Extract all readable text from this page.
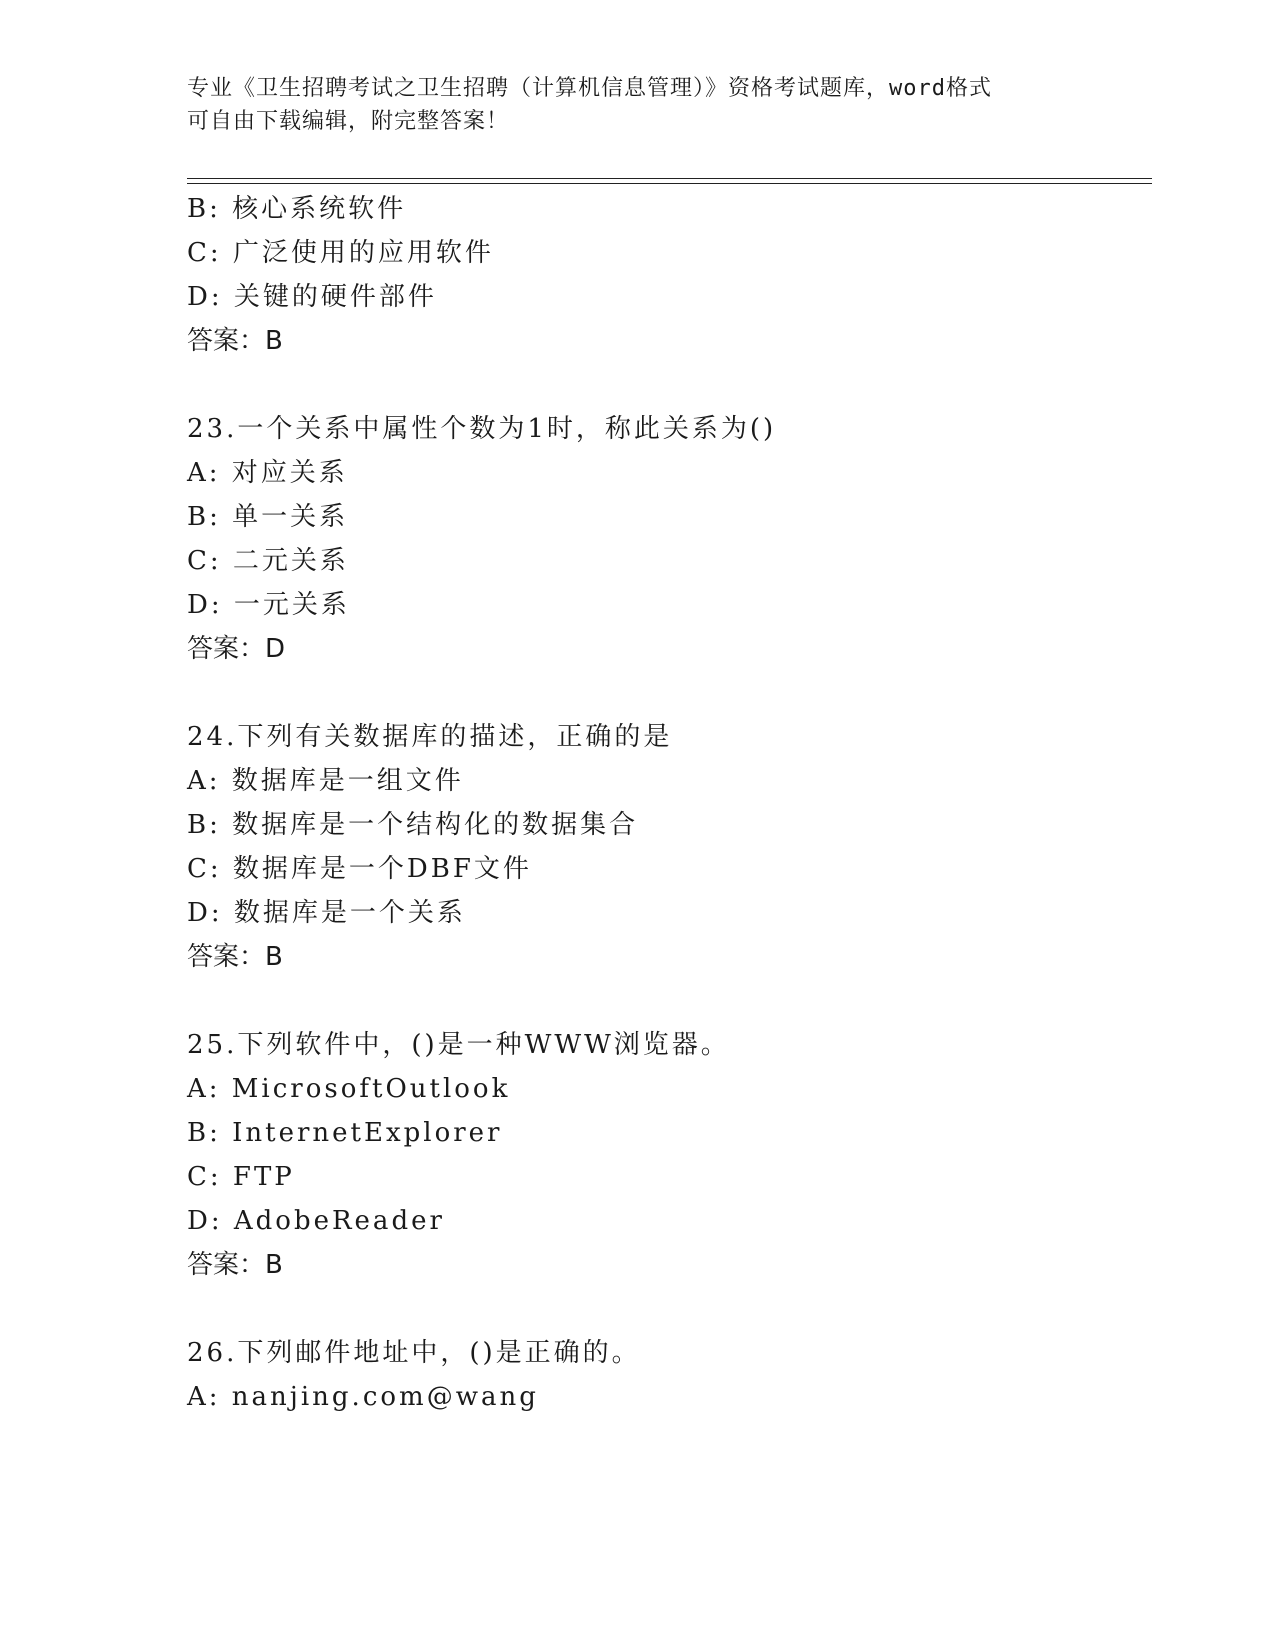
专业《卫生招聘考试之卫生招聘（计算机信息管理）》资格考试题库，word格式
可自由下载编辑，附完整答案！
B: 核心系统软件
C: 广泛使用的应用软件
D: 关键的硬件部件
答案：B
23.一个关系中属性个数为1时，称此关系为()
A: 对应关系
B: 单一关系
C: 二元关系
D: 一元关系
答案：D
24.下列有关数据库的描述，正确的是
A: 数据库是一组文件
B: 数据库是一个结构化的数据集合
C: 数据库是一个DBF文件
D: 数据库是一个关系
答案：B
25.下列软件中，()是一种WWW浏览器。
A: MicrosoftOutlook
B: InternetExplorer
C: FTP
D: AdobeReader
答案：B
26.下列邮件地址中，()是正确的。
A: nanjing.com@wang
